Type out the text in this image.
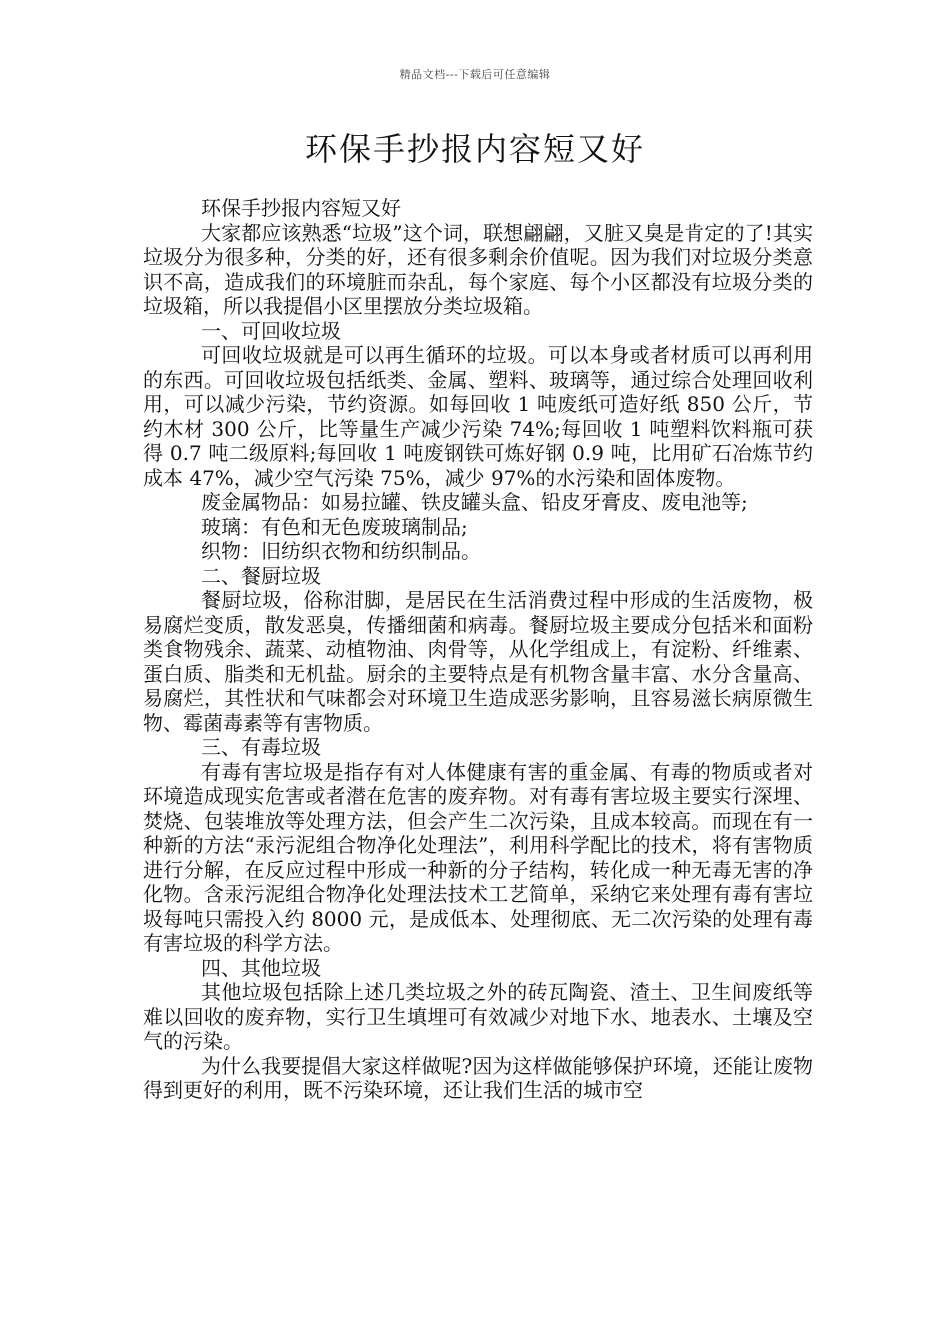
精品文档---下载后可任意编辑
环保手抄报内容短又好

环保手抄报内容短又好

大家都应该熟悉“垃圾”这个词，联想翩翩，又脏又臭是肯定的了!其实垃圾分为很多种，分类的好，还有很多剩余价值呢。因为我们对垃圾分类意识不高，造成我们的环境脏而杂乱，每个家庭、每个小区都没有垃圾分类的垃圾箱，所以我提倡小区里摆放分类垃圾箱。

一、可回收垃圾

可回收垃圾就是可以再生循环的垃圾。可以本身或者材质可以再利用的东西。可回收垃圾包括纸类、金属、塑料、玻璃等，通过综合处理回收利用，可以减少污染，节约资源。如每回收 1 吨废纸可造好纸 850 公斤，节约木材 300 公斤，比等量生产减少污染 74%;每回收 1 吨塑料饮料瓶可获得 0.7 吨二级原料;每回收 1 吨废钢铁可炼好钢 0.9 吨，比用矿石冶炼节约成本 47%，减少空气污染 75%，减少 97%的水污染和固体废物。

废金属物品：如易拉罐、铁皮罐头盒、铅皮牙膏皮、废电池等;

玻璃：有色和无色废玻璃制品;

织物：旧纺织衣物和纺织制品。

二、餐厨垃圾

餐厨垃圾，俗称泔脚，是居民在生活消费过程中形成的生活废物，极易腐烂变质，散发恶臭，传播细菌和病毒。餐厨垃圾主要成分包括米和面粉类食物残余、蔬菜、动植物油、肉骨等，从化学组成上，有淀粉、纤维素、蛋白质、脂类和无机盐。厨余的主要特点是有机物含量丰富、水分含量高、易腐烂，其性状和气味都会对环境卫生造成恶劣影响，且容易滋长病原微生物、霉菌毒素等有害物质。

三、有毒垃圾

有毒有害垃圾是指存有对人体健康有害的重金属、有毒的物质或者对环境造成现实危害或者潜在危害的废弃物。对有毒有害垃圾主要实行深埋、焚烧、包装堆放等处理方法，但会产生二次污染，且成本较高。而现在有一种新的方法“汞污泥组合物净化处理法”，利用科学配比的技术，将有害物质进行分解，在反应过程中形成一种新的分子结构，转化成一种无毒无害的净化物。含汞污泥组合物净化处理法技术工艺简单，采纳它来处理有毒有害垃圾每吨只需投入约 8000 元，是成低本、处理彻底、无二次污染的处理有毒有害垃圾的科学方法。

四、其他垃圾

其他垃圾包括除上述几类垃圾之外的砖瓦陶瓷、渣土、卫生间废纸等难以回收的废弃物，实行卫生填埋可有效减少对地下水、地表水、土壤及空气的污染。

为什么我要提倡大家这样做呢?因为这样做能够保护环境，还能让废物得到更好的利用，既不污染环境，还让我们生活的城市空
